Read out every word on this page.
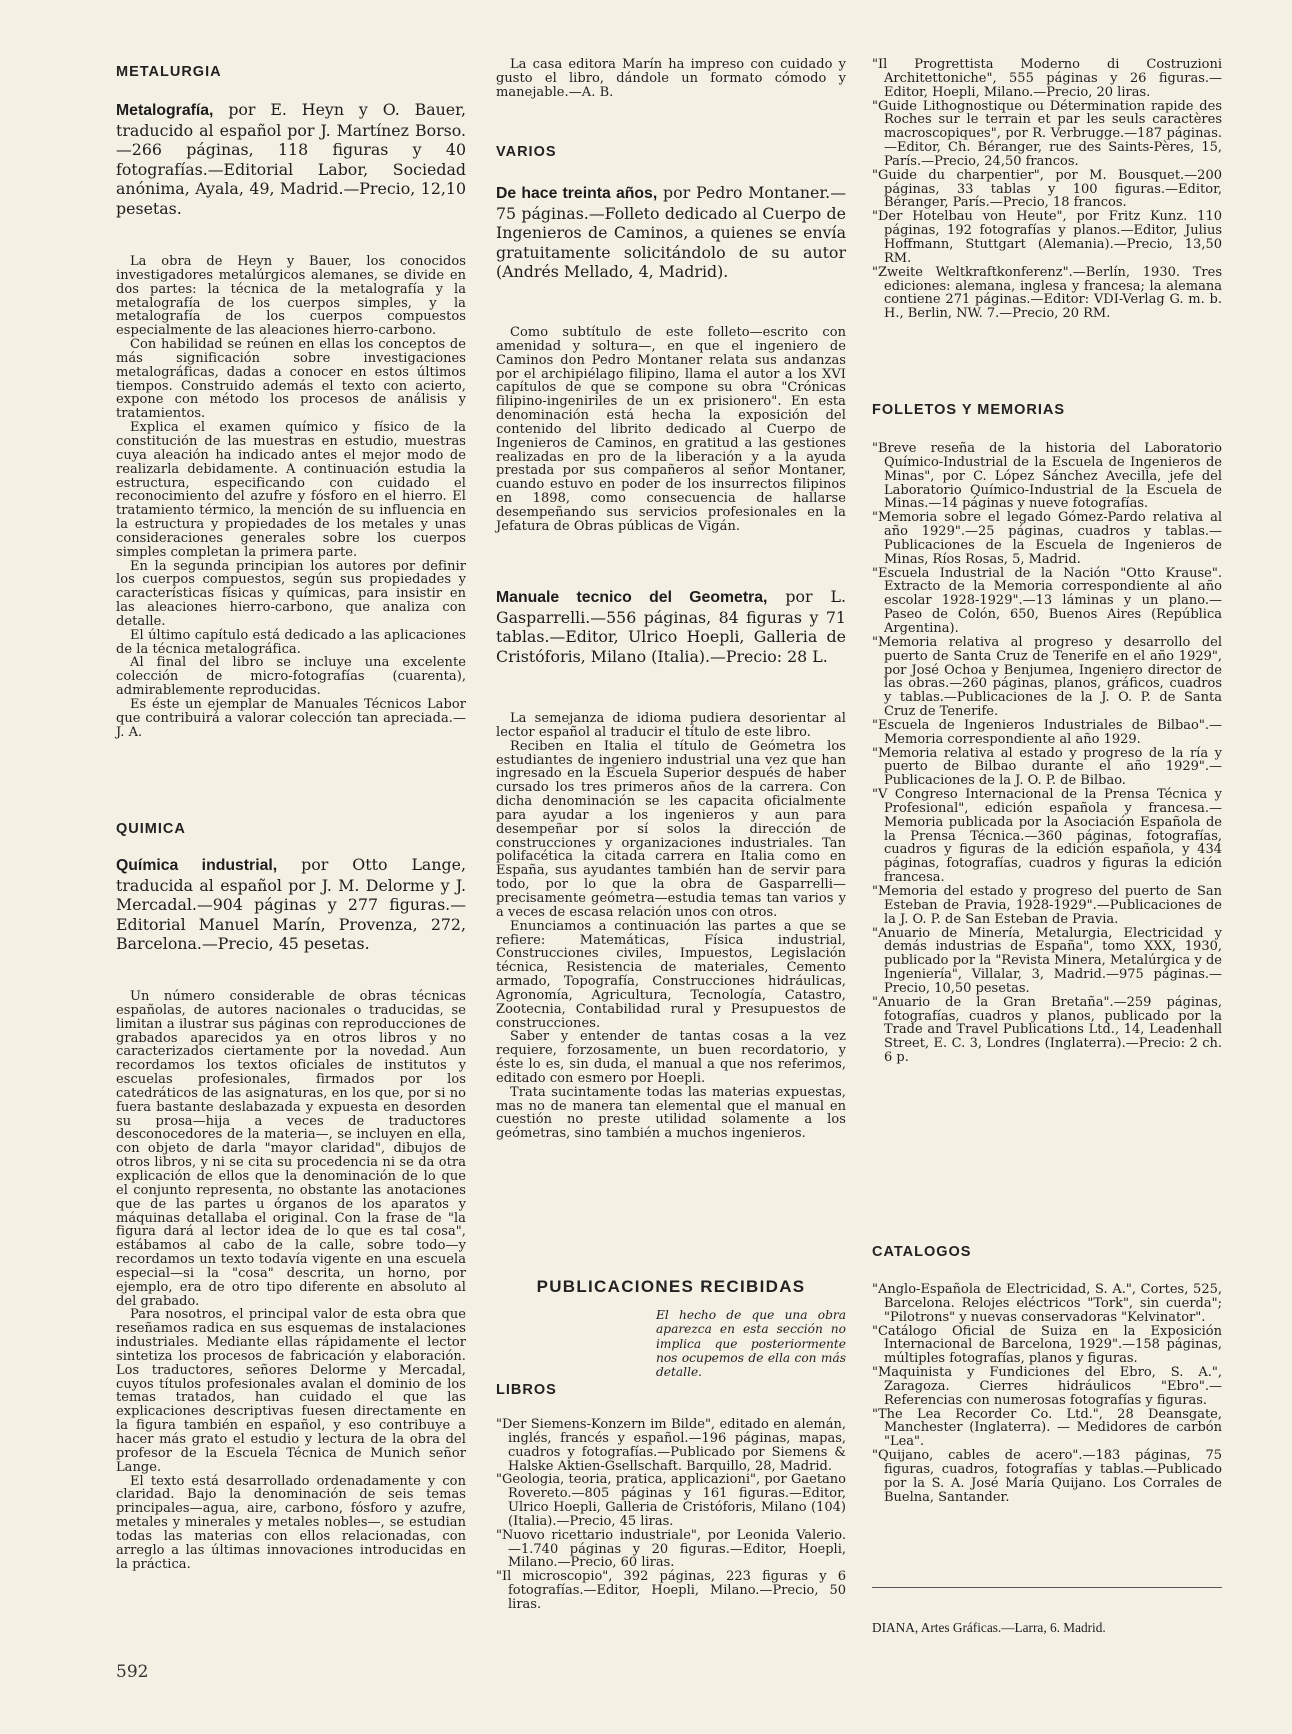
METALURGIA
Metalografía, por E. Heyn y O. Bauer, traducido al español por J. Martínez Borso.—266 páginas, 118 figuras y 40 fotografías.—Editorial Labor, Sociedad anónima, Ayala, 49, Madrid.—Precio, 12,10 pesetas.

La obra de Heyn y Bauer, los conocidos investigadores metalúrgicos alemanes, se divide en dos partes: la técnica de la metalografía y la metalografía de los cuerpos simples, y la metalografía de los cuerpos compuestos especialmente de las aleaciones hierro-carbono.

Con habilidad se reúnen en ellas los conceptos de más significación sobre investigaciones metalográficas, dadas a conocer en estos últimos tiempos. Construido además el texto con acierto, expone con método los procesos de análisis y tratamientos.

Explica el examen químico y físico de la constitución de las muestras en estudio, muestras cuya aleación ha indicado antes el mejor modo de realizarla debidamente. A continuación estudia la estructura, especificando con cuidado el reconocimiento del azufre y fósforo en el hierro. El tratamiento térmico, la mención de su influencia en la estructura y propiedades de los metales y unas consideraciones generales sobre los cuerpos simples completan la primera parte.

En la segunda principian los autores por definir los cuerpos compuestos, según sus propiedades y características físicas y químicas, para insistir en las aleaciones hierro-carbono, que analiza con detalle.

El último capítulo está dedicado a las aplicaciones de la técnica metalográfica.

Al final del libro se incluye una excelente colección de micro-fotografías (cuarenta), admirablemente reproducidas.

Es éste un ejemplar de Manuales Técnicos Labor que contribuirá a valorar colección tan apreciada.—J. A.

QUIMICA
Química industrial, por Otto Lange, traducida al español por J. M. Delorme y J. Mercadal.—904 páginas y 277 figuras.—Editorial Manuel Marín, Provenza, 272, Barcelona.—Precio, 45 pesetas.

Un número considerable de obras técnicas españolas, de autores nacionales o traducidas, se limitan a ilustrar sus páginas con reproducciones de grabados aparecidos ya en otros libros y no caracterizados ciertamente por la novedad. Aun recordamos los textos oficiales de institutos y escuelas profesionales, firmados por los catedráticos de las asignaturas, en los que, por si no fuera bastante deslabazada y expuesta en desorden su prosa—hija a veces de traductores desconocedores de la materia—, se incluyen en ella, con objeto de darla "mayor claridad", dibujos de otros libros, y ni se cita su procedencia ni se da otra explicación de ellos que la denominación de lo que el conjunto representa, no obstante las anotaciones que de las partes u órganos de los aparatos y máquinas detallaba el original. Con la frase de "la figura dará al lector idea de lo que es tal cosa", estábamos al cabo de la calle, sobre todo—y recordamos un texto todavía vigente en una escuela especial—si la "cosa" descrita, un horno, por ejemplo, era de otro tipo diferente en absoluto al del grabado.

Para nosotros, el principal valor de esta obra que reseñamos radica en sus esquemas de instalaciones industriales. Mediante ellas rápidamente el lector sintetiza los procesos de fabricación y elaboración. Los traductores, señores Delorme y Mercadal, cuyos títulos profesionales avalan el dominio de los temas tratados, han cuidado el que las explicaciones descriptivas fuesen directamente en la figura también en español, y eso contribuye a hacer más grato el estudio y lectura de la obra del profesor de la Escuela Técnica de Munich señor Lange.

El texto está desarrollado ordenadamente y con claridad. Bajo la denominación de seis temas principales—agua, aire, carbono, fósforo y azufre, metales y minerales y metales nobles—, se estudian todas las materias con ellos relacionadas, con arreglo a las últimas innovaciones introducidas en la práctica.

592

La casa editora Marín ha impreso con cuidado y gusto el libro, dándole un formato cómodo y manejable.—A. B.

VARIOS
De hace treinta años, por Pedro Montaner.—75 páginas.—Folleto dedicado al Cuerpo de Ingenieros de Caminos, a quienes se envía gratuitamente solicitándolo de su autor (Andrés Mellado, 4, Madrid).

Como subtítulo de este folleto—escrito con amenidad y soltura—, en que el ingeniero de Caminos don Pedro Montaner relata sus andanzas por el archipiélago filipino, llama el autor a los XVI capítulos de que se compone su obra "Crónicas filipino-ingeniriles de un ex prisionero". En esta denominación está hecha la exposición del contenido del librito dedicado al Cuerpo de Ingenieros de Caminos, en gratitud a las gestiones realizadas en pro de la liberación y a la ayuda prestada por sus compañeros al señor Montaner, cuando estuvo en poder de los insurrectos filipinos en 1898, como consecuencia de hallarse desempeñando sus servicios profesionales en la Jefatura de Obras públicas de Vigán.

Manuale tecnico del Geometra, por L. Gasparrelli.—556 páginas, 84 figuras y 71 tablas.—Editor, Ulrico Hoepli, Galleria de Cristóforis, Milano (Italia).—Precio: 28 L.

La semejanza de idioma pudiera desorientar al lector español al traducir el título de este libro.

Reciben en Italia el título de Geómetra los estudiantes de ingeniero industrial una vez que han ingresado en la Escuela Superior después de haber cursado los tres primeros años de la carrera. Con dicha denominación se les capacita oficialmente para ayudar a los ingenieros y aun para desempeñar por sí solos la dirección de construcciones y organizaciones industriales. Tan polifacética la citada carrera en Italia como en España, sus ayudantes también han de servir para todo, por lo que la obra de Gasparrelli—precisamente geómetra—estudia temas tan varios y a veces de escasa relación unos con otros.

Enunciamos a continuación las partes a que se refiere: Matemáticas, Física industrial, Construcciones civiles, Impuestos, Legislación técnica, Resistencia de materiales, Cemento armado, Topografía, Construcciones hidráulicas, Agronomía, Agricultura, Tecnología, Catastro, Zootecnia, Contabilidad rural y Presupuestos de construcciones.

Saber y entender de tantas cosas a la vez requiere, forzosamente, un buen recordatorio, y éste lo es, sin duda, el manual a que nos referimos, editado con esmero por Hoepli.

Trata sucintamente todas las materias expuestas, mas no de manera tan elemental que el manual en cuestión no preste utilidad solamente a los geómetras, sino también a muchos ingenieros.

PUBLICACIONES RECIBIDAS
El hecho de que una obra aparezca en esta sección no implica que posteriormente nos ocupemos de ella con más detalle.
LIBROS

"Der Siemens-Konzern im Bilde", editado en alemán, inglés, francés y español.—196 páginas, mapas, cuadros y fotografías.—Publicado por Siemens & Halske Aktien-Gsellschaft. Barquillo, 28, Madrid.

"Geologia, teoria, pratica, applicazioni", por Gaetano Rovereto.—805 páginas y 161 figuras.—Editor, Ulrico Hoepli, Galleria de Cristóforis, Milano (104) (Italia).—Precio, 45 liras.

"Nuovo ricettario industriale", por Leonida Valerio.—1.740 páginas y 20 figuras.—Editor, Hoepli, Milano.—Precio, 60 liras.

"Il microscopio", 392 páginas, 223 figuras y 6 fotografías.—Editor, Hoepli, Milano.—Precio, 50 liras.

"Il Progrettista Moderno di Costruzioni Architettoniche", 555 páginas y 26 figuras.—Editor, Hoepli, Milano.—Precio, 20 liras.

"Guide Lithognostique ou Détermination rapide des Roches sur le terrain et par les seuls caractères macroscopiques", por R. Verbrugge.—187 páginas.—Editor, Ch. Béranger, rue des Saints-Pères, 15, París.—Precio, 24,50 francos.

"Guide du charpentier", por M. Bousquet.—200 páginas, 33 tablas y 100 figuras.—Editor, Béranger, París.—Precio, 18 francos.

"Der Hotelbau von Heute", por Fritz Kunz. 110 páginas, 192 fotografías y planos.—Editor, Julius Hoffmann, Stuttgart (Alemania).—Precio, 13,50 RM.

"Zweite Weltkraftkonferenz".—Berlín, 1930. Tres ediciones: alemana, inglesa y francesa; la alemana contiene 271 páginas.—Editor: VDI-Verlag G. m. b. H., Berlin, NW. 7.—Precio, 20 RM.

FOLLETOS Y MEMORIAS

"Breve reseña de la historia del Laboratorio Químico-Industrial de la Escuela de Ingenieros de Minas", por C. López Sánchez Avecilla, jefe del Laboratorio Químico-Industrial de la Escuela de Minas.—14 páginas y nueve fotografías.

"Memoria sobre el legado Gómez-Pardo relativa al año 1929".—25 páginas, cuadros y tablas.—Publicaciones de la Escuela de Ingenieros de Minas, Ríos Rosas, 5, Madrid.

"Escuela Industrial de la Nación "Otto Krause". Extracto de la Memoria correspondiente al año escolar 1928-1929".—13 láminas y un plano.—Paseo de Colón, 650, Buenos Aires (República Argentina).

"Memoria relativa al progreso y desarrollo del puerto de Santa Cruz de Tenerife en el año 1929", por José Ochoa y Benjumea, Ingeniero director de las obras.—260 páginas, planos, gráficos, cuadros y tablas.—Publicaciones de la J. O. P. de Santa Cruz de Tenerife.

"Escuela de Ingenieros Industriales de Bilbao".—Memoria correspondiente al año 1929.

"Memoria relativa al estado y progreso de la ría y puerto de Bilbao durante el año 1929".—Publicaciones de la J. O. P. de Bilbao.

"V Congreso Internacional de la Prensa Técnica y Profesional", edición española y francesa.—Memoria publicada por la Asociación Española de la Prensa Técnica.—360 páginas, fotografías, cuadros y figuras de la edición española, y 434 páginas, fotografías, cuadros y figuras la edición francesa.

"Memoria del estado y progreso del puerto de San Esteban de Pravia, 1928-1929".—Publicaciones de la J. O. P. de San Esteban de Pravia.

"Anuario de Minería, Metalurgia, Electricidad y demás industrias de España", tomo XXX, 1930, publicado por la "Revista Minera, Metalúrgica y de Ingeniería", Villalar, 3, Madrid.—975 páginas.—Precio, 10,50 pesetas.

"Anuario de la Gran Bretaña".—259 páginas, fotografías, cuadros y planos, publicado por la Trade and Travel Publications Ltd., 14, Leadenhall Street, E. C. 3, Londres (Inglaterra).—Precio: 2 ch. 6 p.

CATALOGOS

"Anglo-Española de Electricidad, S. A.", Cortes, 525, Barcelona. Relojes eléctricos "Tork", sin cuerda"; "Pilotrons" y nuevas conservadoras "Kelvinator".

"Catálogo Oficial de Suiza en la Exposición Internacional de Barcelona, 1929".—158 páginas, múltiples fotografías, planos y figuras.

"Maquinista y Fundiciones del Ebro, S. A.", Zaragoza. Cierres hidráulicos "Ebro".—Referencias con numerosas fotografías y figuras.

"The Lea Recorder Co. Ltd.", 28 Deansgate, Manchester (Inglaterra). — Medidores de carbón "Lea".

"Quijano, cables de acero".—183 páginas, 75 figuras, cuadros, fotografías y tablas.—Publicado por la S. A. José María Quijano. Los Corrales de Buelna, Santander.

DIANA, Artes Gráficas.—Larra, 6. Madrid.
